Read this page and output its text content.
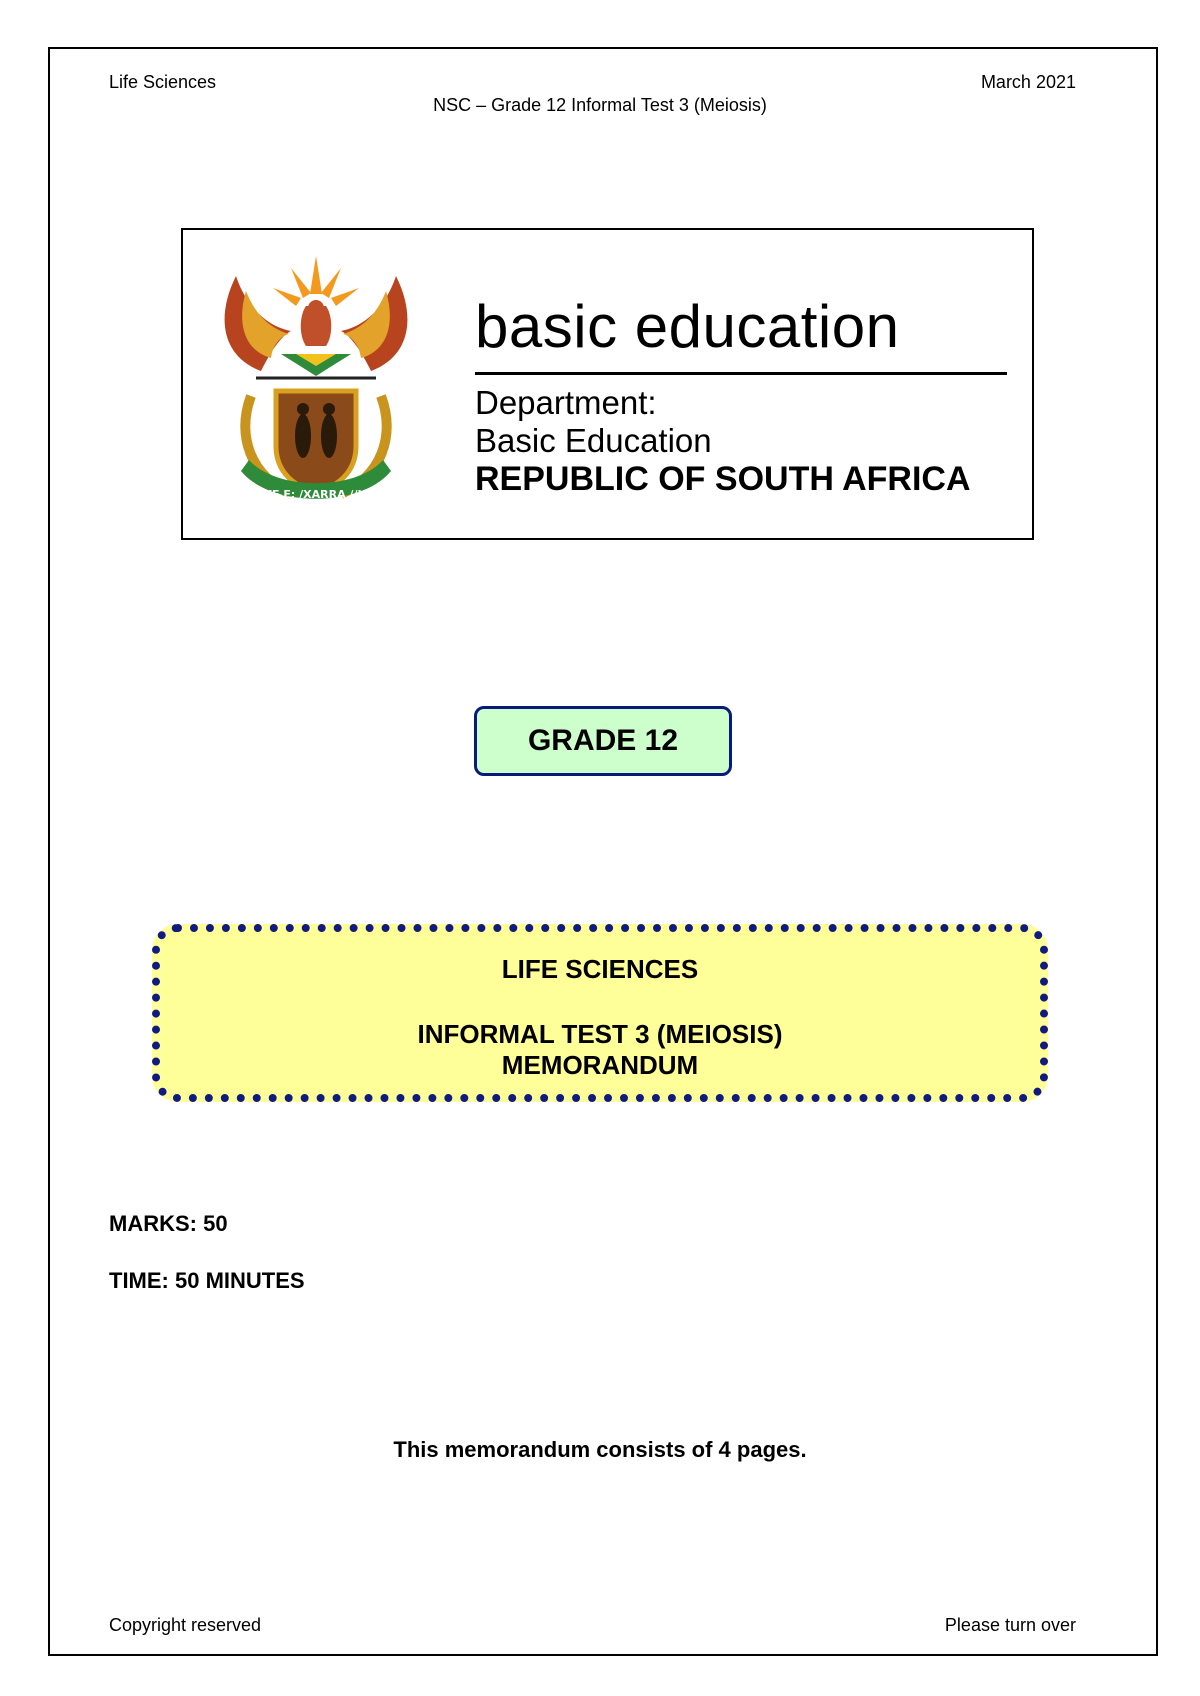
Life Sciences	March 2021
NSC – Grade 12 Informal Test 3 (Meiosis)
!KE E: /XARRA //KE
basic education
Department:
Basic Education
REPUBLIC OF SOUTH AFRICA
GRADE 12
LIFE SCIENCES
INFORMAL TEST 3 (MEIOSIS)
MEMORANDUM
MARKS: 50
TIME: 50 MINUTES
This memorandum consists of 4 pages.
Copyright reserved	Please turn over
